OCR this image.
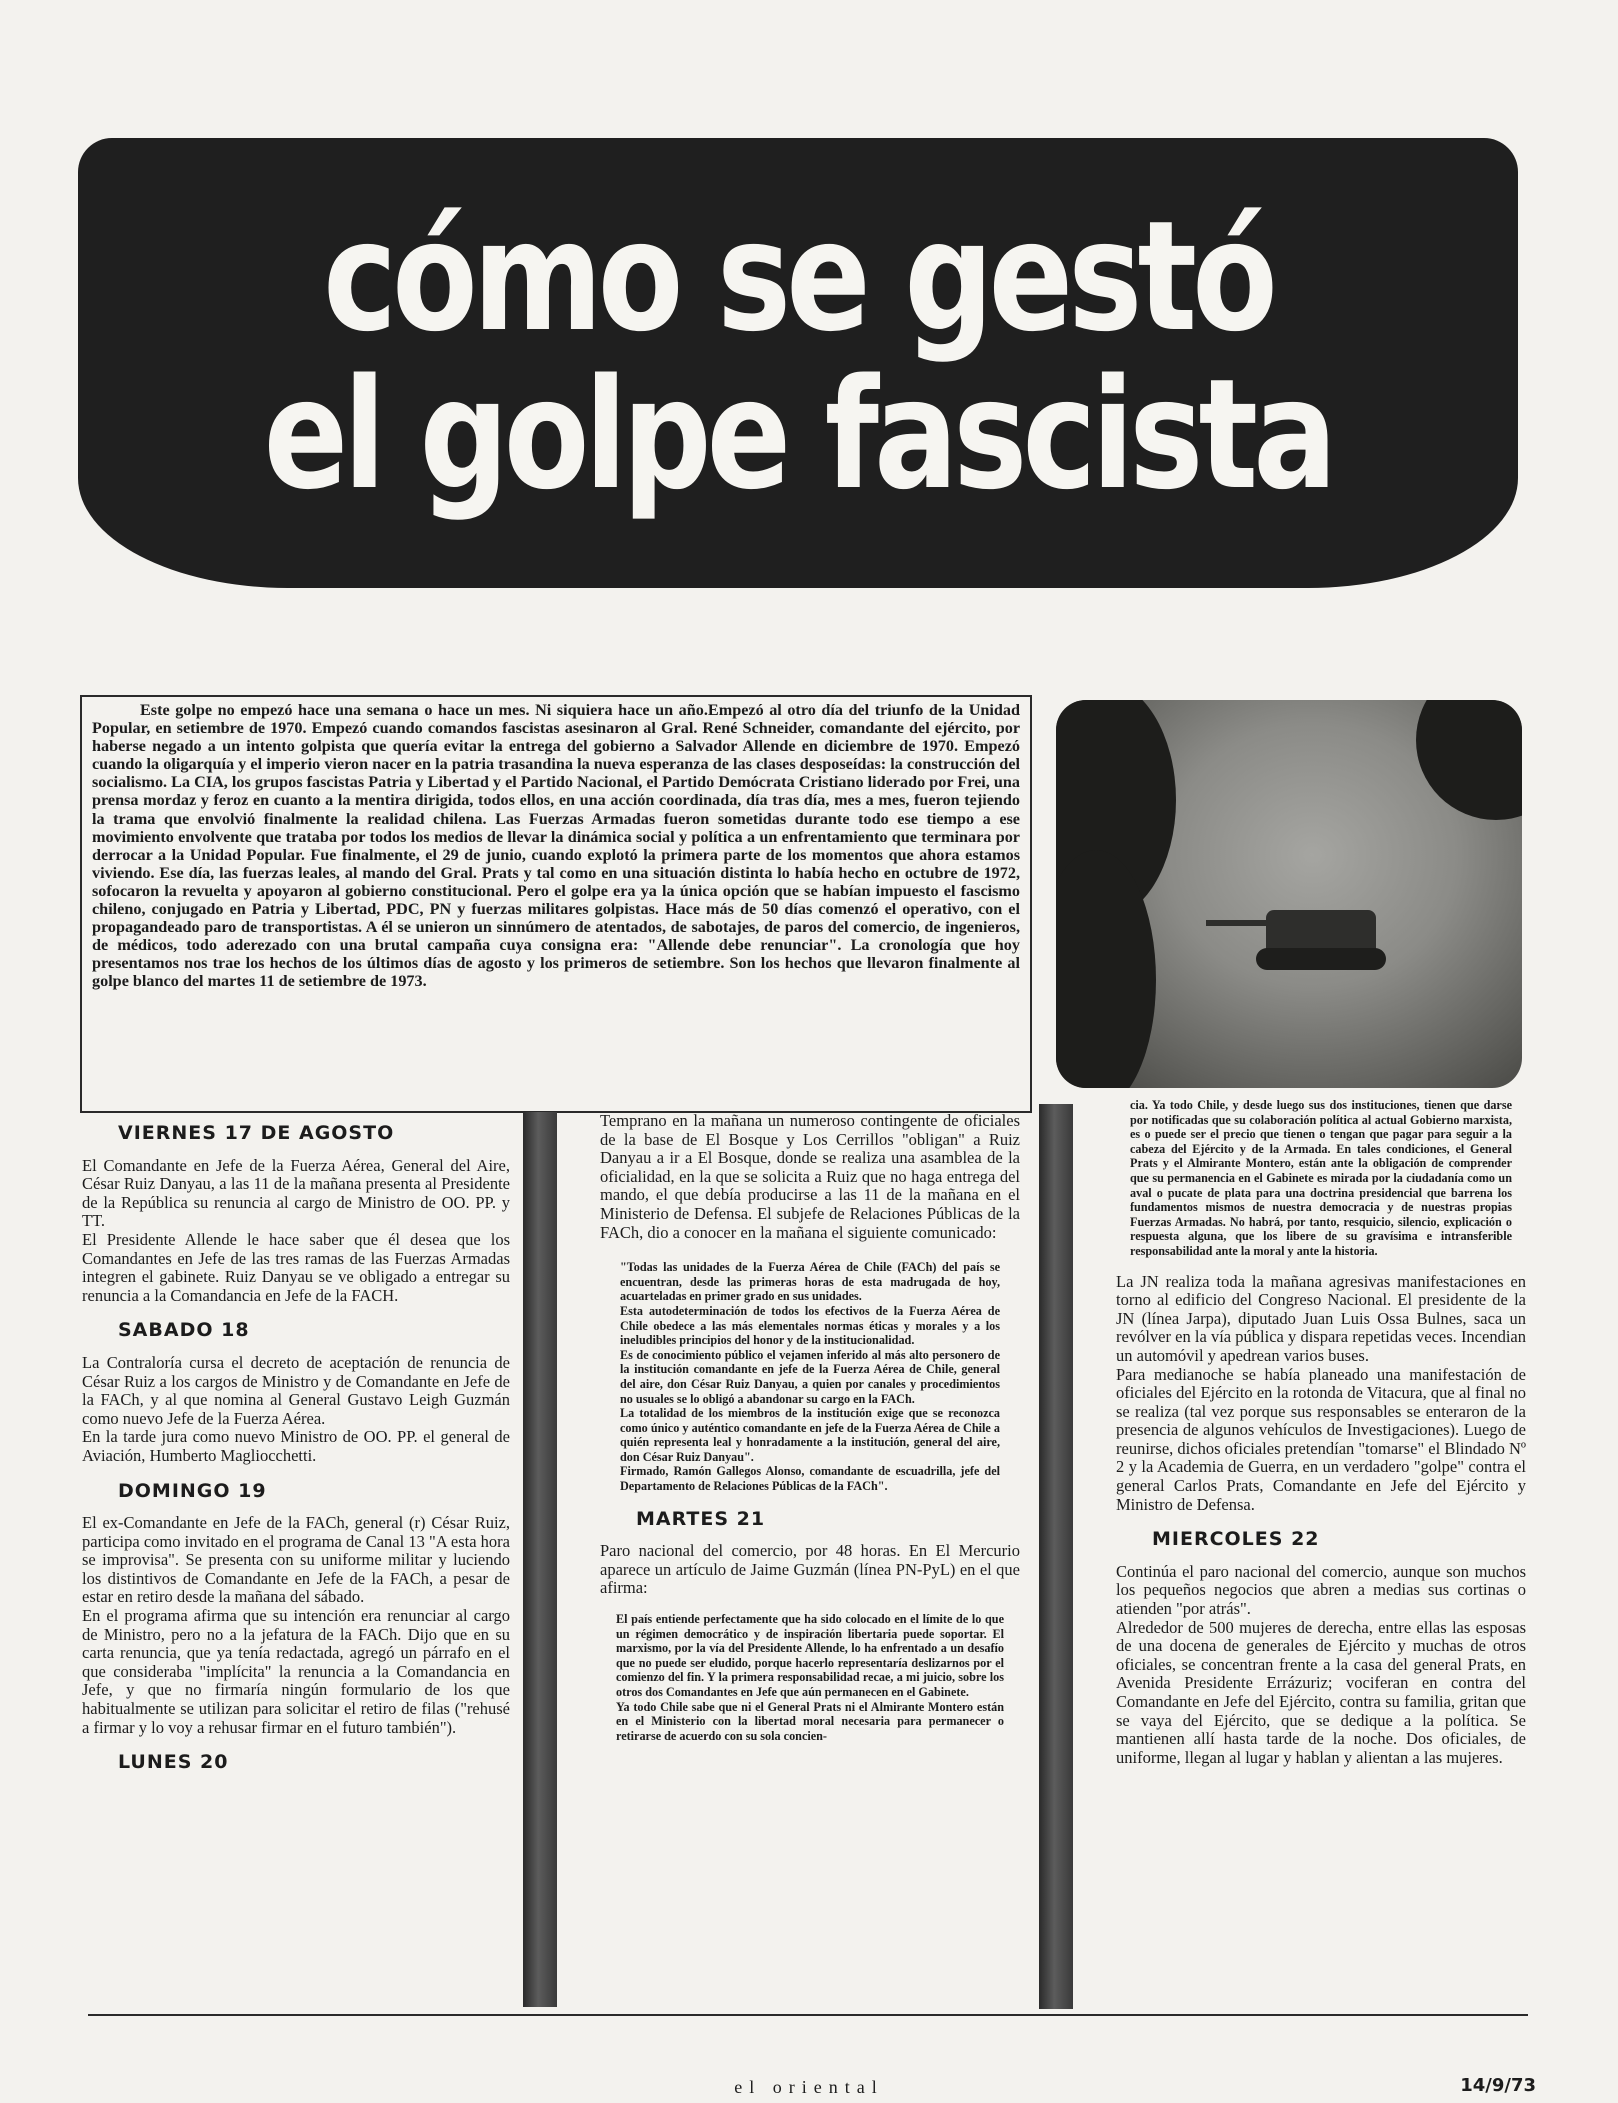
cómo se gestó
el golpe fascista
Este golpe no empezó hace una semana o hace un mes. Ni siquiera hace un año.Empezó al otro día del triunfo de la Unidad Popular, en setiembre de 1970. Empezó cuando comandos fascistas asesinaron al Gral. René Schneider, comandante del ejército, por haberse negado a un intento golpista que quería evitar la entrega del gobierno a Salvador Allende en diciembre de 1970. Empezó cuando la oligarquía y el imperio vieron nacer en la patria trasandina la nueva esperanza de las clases desposeídas: la construcción del socialismo. La CIA, los grupos fascistas Patria y Libertad y el Partido Nacional, el Partido Demócrata Cristiano liderado por Frei, una prensa mordaz y feroz en cuanto a la mentira dirigida, todos ellos, en una acción coordinada, día tras día, mes a mes, fueron tejiendo la trama que envolvió finalmente la realidad chilena. Las Fuerzas Armadas fueron sometidas durante todo ese tiempo a ese movimiento envolvente que trataba por todos los medios de llevar la dinámica social y política a un enfrentamiento que terminara por derrocar a la Unidad Popular. Fue finalmente, el 29 de junio, cuando explotó la primera parte de los momentos que ahora estamos viviendo. Ese día, las fuerzas leales, al mando del Gral. Prats y tal como en una situación distinta lo había hecho en octubre de 1972, sofocaron la revuelta y apoyaron al gobierno constitucional. Pero el golpe era ya la única opción que se habían impuesto el fascismo chileno, conjugado en Patria y Libertad, PDC, PN y fuerzas militares golpistas. Hace más de 50 días comenzó el operativo, con el propagandeado paro de transportistas. A él se unieron un sinnúmero de atentados, de sabotajes, de paros del comercio, de ingenieros, de médicos, todo aderezado con una brutal campaña cuya consigna era: "Allende debe renunciar". La cronología que hoy presentamos nos trae los hechos de los últimos días de agosto y los primeros de setiembre. Son los hechos que llevaron finalmente al golpe blanco del martes 11 de setiembre de 1973.
VIERNES 17 DE AGOSTO

El Comandante en Jefe de la Fuerza Aérea, General del Aire, César Ruiz Danyau, a las 11 de la mañana presenta al Presidente de la República su renuncia al cargo de Ministro de OO. PP. y TT.

El Presidente Allende le hace saber que él desea que los Comandantes en Jefe de las tres ramas de las Fuerzas Armadas integren el gabinete. Ruiz Danyau se ve obligado a entregar su renuncia a la Comandancia en Jefe de la FACH.

SABADO 18

La Contraloría cursa el decreto de aceptación de renuncia de César Ruiz a los cargos de Ministro y de Comandante en Jefe de la FACh, y al que nomina al General Gustavo Leigh Guzmán como nuevo Jefe de la Fuerza Aérea.

En la tarde jura como nuevo Ministro de OO. PP. el general de Aviación, Humberto Magliocchetti.

DOMINGO 19

El ex-Comandante en Jefe de la FACh, general (r) César Ruiz, participa como invitado en el programa de Canal 13 "A esta hora se improvisa". Se presenta con su uniforme militar y luciendo los distintivos de Comandante en Jefe de la FACh, a pesar de estar en retiro desde la mañana del sábado.

En el programa afirma que su intención era renunciar al cargo de Ministro, pero no a la jefatura de la FACh. Dijo que en su carta renuncia, que ya tenía redactada, agregó un párrafo en el que consideraba "implícita" la renuncia a la Comandancia en Jefe, y que no firmaría ningún formulario de los que habitualmente se utilizan para solicitar el retiro de filas ("rehusé a firmar y lo voy a rehusar firmar en el futuro también").

LUNES 20

Temprano en la mañana un numeroso contingente de oficiales de la base de El Bosque y Los Cerrillos "obligan" a Ruiz Danyau a ir a El Bosque, donde se realiza una asamblea de la oficialidad, en la que se solicita a Ruiz que no haga entrega del mando, el que debía producirse a las 11 de la mañana en el Ministerio de Defensa. El subjefe de Relaciones Públicas de la FACh, dio a conocer en la mañana el siguiente comunicado:

"Todas las unidades de la Fuerza Aérea de Chile (FACh) del país se encuentran, desde las primeras horas de esta madrugada de hoy, acuarteladas en primer grado en sus unidades.

Esta autodeterminación de todos los efectivos de la Fuerza Aérea de Chile obedece a las más elementales normas éticas y morales y a los ineludibles principios del honor y de la institucionalidad.

Es de conocimiento público el vejamen inferido al más alto personero de la institución comandante en jefe de la Fuerza Aérea de Chile, general del aire, don César Ruiz Danyau, a quien por canales y procedimientos no usuales se lo obligó a abandonar su cargo en la FACh.

La totalidad de los miembros de la institución exige que se reconozca como único y auténtico comandante en jefe de la Fuerza Aérea de Chile a quién representa leal y honradamente a la institución, general del aire, don César Ruiz Danyau".

Firmado, Ramón Gallegos Alonso, comandante de escuadrilla, jefe del Departamento de Relaciones Públicas de la FACh".

MARTES 21

Paro nacional del comercio, por 48 horas. En El Mercurio aparece un artículo de Jaime Guzmán (línea PN-PyL) en el que afirma:

El país entiende perfectamente que ha sido colocado en el límite de lo que un régimen democrático y de inspiración libertaria puede soportar. El marxismo, por la vía del Presidente Allende, lo ha enfrentado a un desafío que no puede ser eludido, porque hacerlo representaría deslizarnos por el comienzo del fin. Y la primera responsabilidad recae, a mi juicio, sobre los otros dos Comandantes en Jefe que aún permanecen en el Gabinete.

Ya todo Chile sabe que ni el General Prats ni el Almirante Montero están en el Ministerio con la libertad moral necesaria para permanecer o retirarse de acuerdo con su sola concien-

cia. Ya todo Chile, y desde luego sus dos instituciones, tienen que darse por notificadas que su colaboración política al actual Gobierno marxista, es o puede ser el precio que tienen o tengan que pagar para seguir a la cabeza del Ejército y de la Armada. En tales condiciones, el General Prats y el Almirante Montero, están ante la obligación de comprender que su permanencia en el Gabinete es mirada por la ciudadanía como un aval o pucate de plata para una doctrina presidencial que barrena los fundamentos mismos de nuestra democracia y de nuestras propias Fuerzas Armadas. No habrá, por tanto, resquicio, silencio, explicación o respuesta alguna, que los libere de su gravísima e intransferible responsabilidad ante la moral y ante la historia.

La JN realiza toda la mañana agresivas manifestaciones en torno al edificio del Congreso Nacional. El presidente de la JN (línea Jarpa), diputado Juan Luis Ossa Bulnes, saca un revólver en la vía pública y dispara repetidas veces. Incendian un automóvil y apedrean varios buses.

Para medianoche se había planeado una manifestación de oficiales del Ejército en la rotonda de Vitacura, que al final no se realiza (tal vez porque sus responsables se enteraron de la presencia de algunos vehículos de Investigaciones). Luego de reunirse, dichos oficiales pretendían "tomarse" el Blindado Nº 2 y la Academia de Guerra, en un verdadero "golpe" contra el general Carlos Prats, Comandante en Jefe del Ejército y Ministro de Defensa.

MIERCOLES 22

Continúa el paro nacional del comercio, aunque son muchos los pequeños negocios que abren a medias sus cortinas o atienden "por atrás".

Alrededor de 500 mujeres de derecha, entre ellas las esposas de una docena de generales de Ejército y muchas de otros oficiales, se concentran frente a la casa del general Prats, en Avenida Presidente Errázuriz; vociferan en contra del Comandante en Jefe del Ejército, contra su familia, gritan que se vaya del Ejército, que se dedique a la política. Se mantienen allí hasta tarde de la noche. Dos oficiales, de uniforme, llegan al lugar y hablan y alientan a las mujeres.

el oriental	14/9/73
